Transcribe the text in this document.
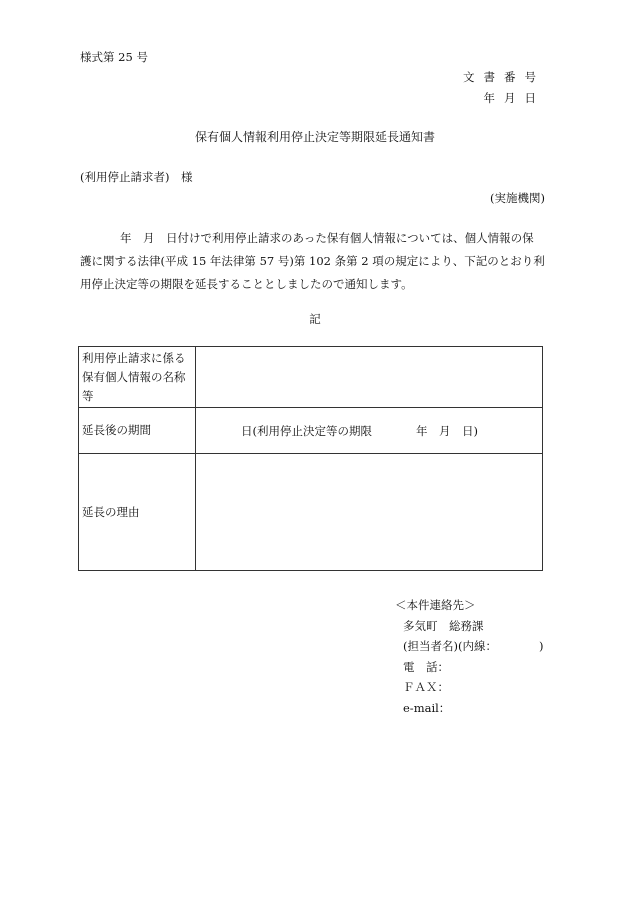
様式第 25 号
文書番号
年月日
保有個人情報利用停止決定等期限延長通知書
(利用停止請求者)　様
(実施機関)
年　月　日付けで利用停止請求のあった保有個人情報については、個人情報の保護に関する法律(平成 15 年法律第 57 号)第 102 条第 2 項の規定により、下記のとおり利用停止決定等の期限を延長することとしましたので通知します。
記
利用停止請求に係る保有個人情報の名称等	
延長後の期間	日(利用停止決定等の期限 年　月　日)
延長の理由	
＜本件連絡先＞
多気町　総務課
(担当者名)(内線：	)
電　話：
ＦＡＸ：
e-mail：
